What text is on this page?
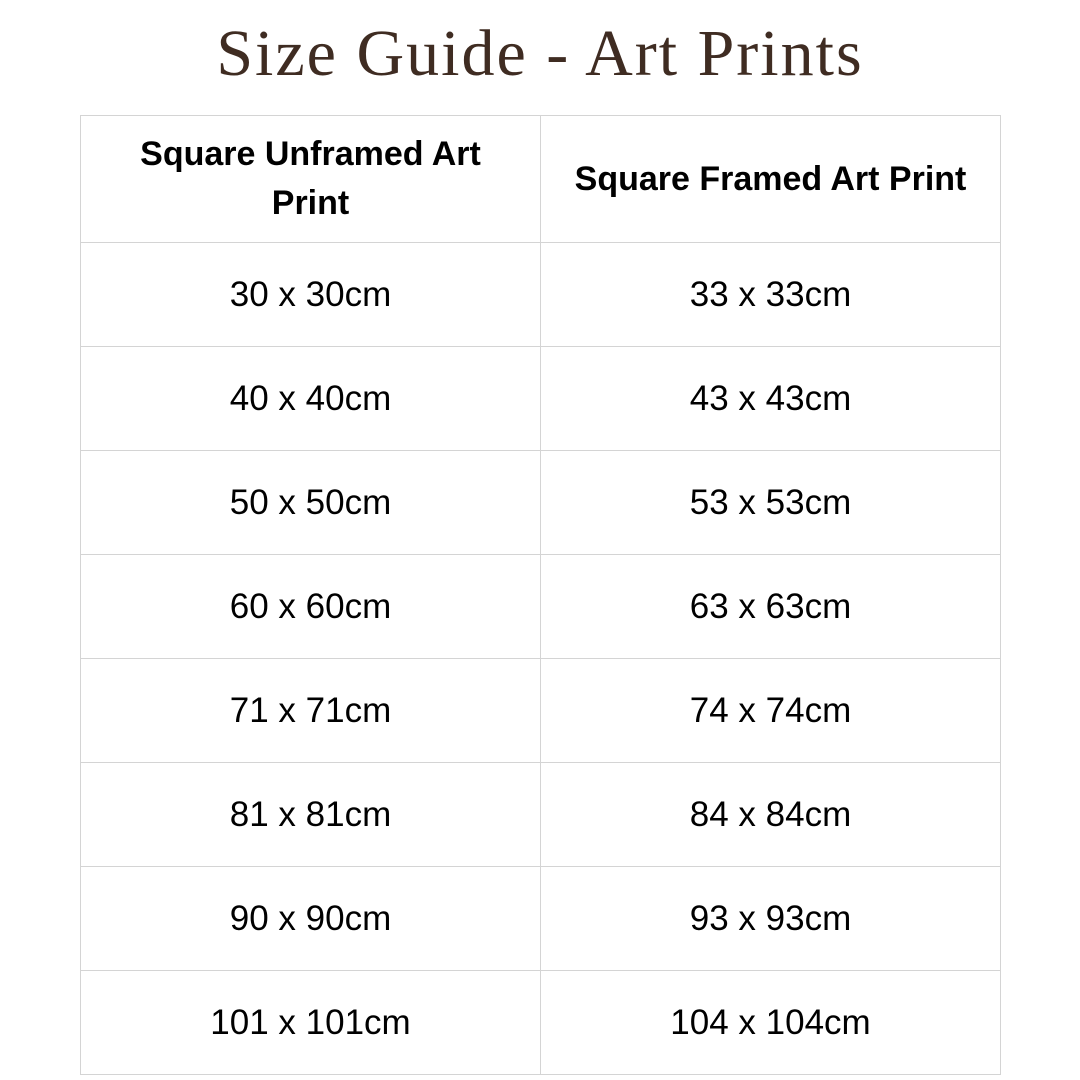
Size Guide - Art Prints
Square Unframed Art Print	Square Framed Art Print
30 x 30cm	33 x 33cm
40 x 40cm	43 x 43cm
50 x 50cm	53 x 53cm
60 x 60cm	63 x 63cm
71 x 71cm	74 x 74cm
81 x 81cm	84 x 84cm
90 x 90cm	93 x 93cm
101 x 101cm	104 x 104cm
